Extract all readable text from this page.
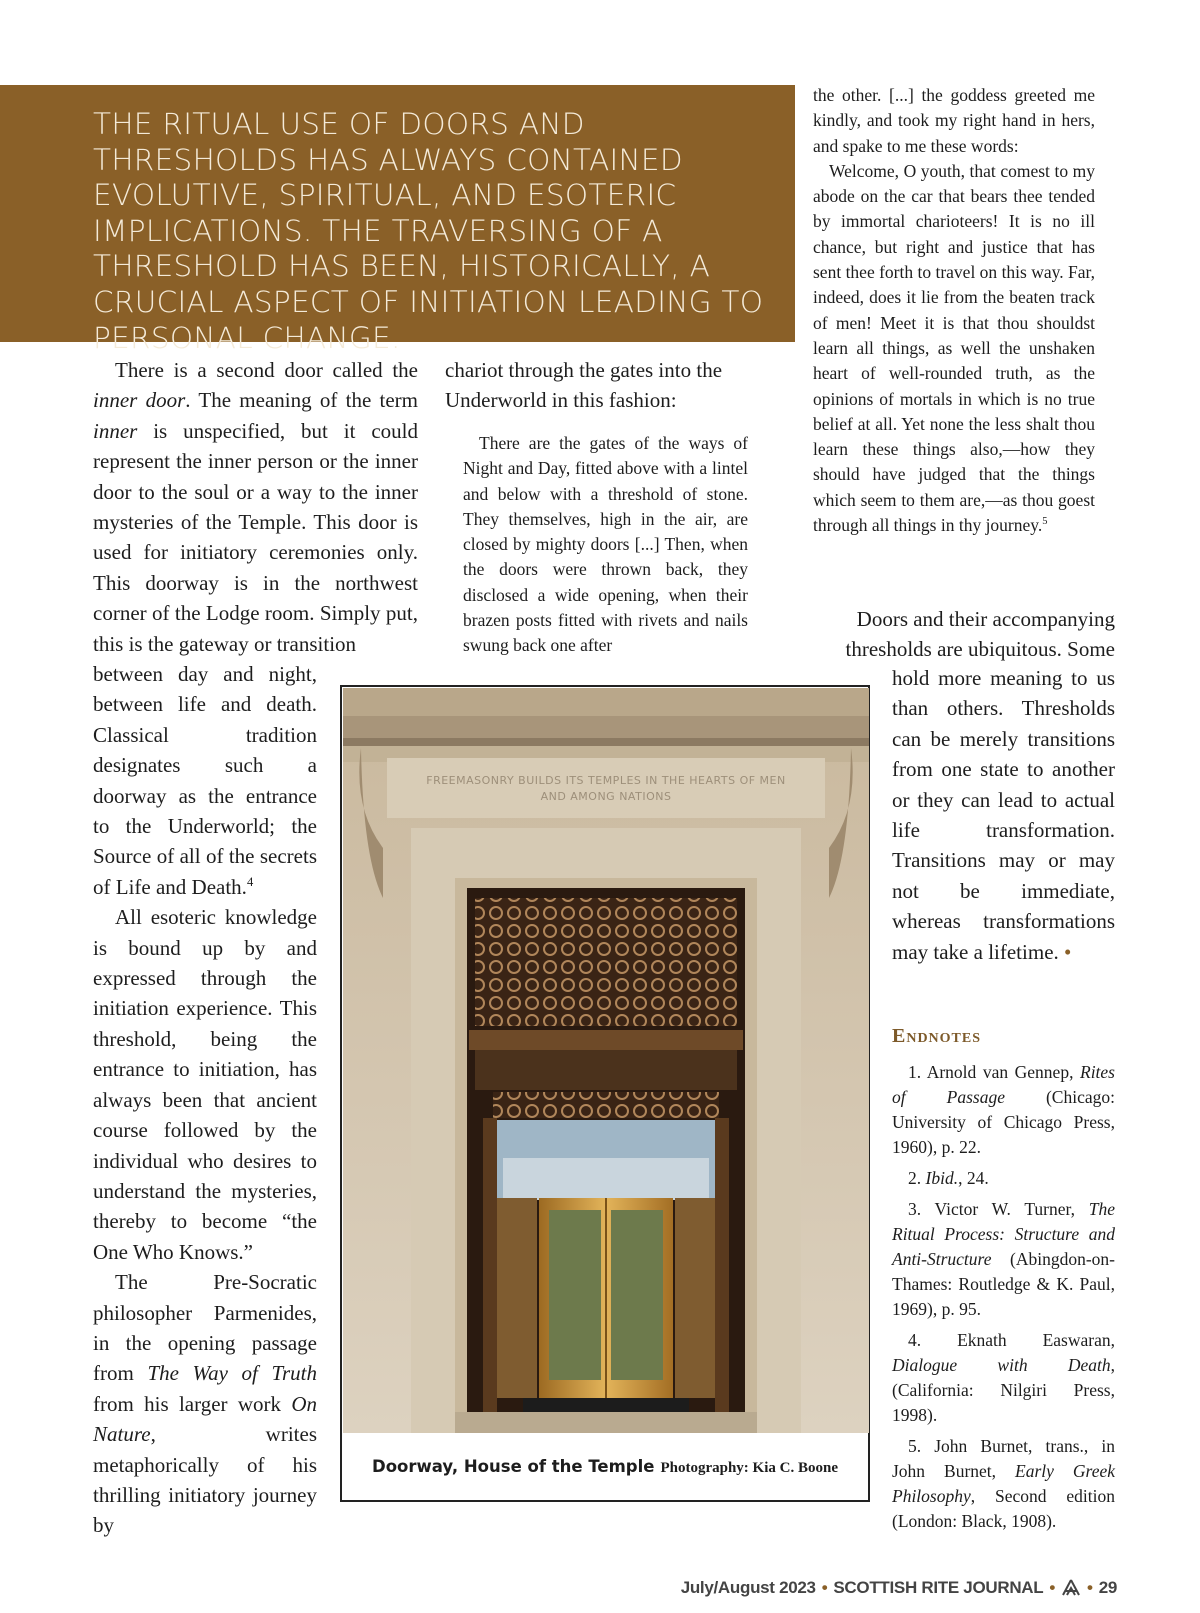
THE RITUAL USE OF DOORS AND THRESHOLDS HAS ALWAYS CONTAINED EVOLUTIVE, SPIRITUAL, AND ESOTERIC IMPLICATIONS. THE TRAVERSING OF A THRESHOLD HAS BEEN, HISTORICALLY, A CRUCIAL ASPECT OF INITIATION LEADING TO PERSONAL CHANGE.

There is a second door called the inner door. The meaning of the term inner is unspecified, but it could represent the inner person or the inner door to the soul or a way to the inner mysteries of the Temple. This door is used for initiatory ceremonies only. This doorway is in the northwest corner of the Lodge room. Simply put, this is the gateway or transition

between day and night, between life and death. Classical tradition designates such a doorway as the entrance to the Underworld; the Source of all of the secrets of Life and Death.$^4$

All esoteric knowledge is bound up by and expressed through the initiation experience. This threshold, being the entrance to initiation, has always been that ancient course followed by the individual who desires to understand the mysteries, thereby to become “the One Who Knows.”

The Pre-Socratic philosopher Parmenides, in the opening passage from The Way of Truth from his larger work On Nature, writes metaphorically of his thrilling initiatory journey by

chariot through the gates into the Underworld in this fashion:

There are the gates of the ways of Night and Day, fitted above with a lintel and below with a threshold of stone. They themselves, high in the air, are closed by mighty doors [...] Then, when the doors were thrown back, they disclosed a wide opening, when their brazen posts fitted with rivets and nails swung back one after

the other. [...] the goddess greeted me kindly, and took my right hand in hers, and spake to me these words:

Welcome, O youth, that comest to my abode on the car that bears thee tended by immortal charioteers! It is no ill chance, but right and justice that has sent thee forth to travel on this way. Far, indeed, does it lie from the beaten track of men! Meet it is that thou shouldst learn all things, as well the unshaken heart of well-rounded truth, as the opinions of mortals in which is no true belief at all. Yet none the less shalt thou learn these things also,—how they should have judged that the things which seem to them are,—as thou goest through all things in thy journey.$^5$

Doors and their accompanying thresholds are ubiquitous. Some

hold more meaning to us than others. Thresholds can be merely transitions from one state to another or they can lead to actual life transformation. Transitions may or may not be immediate, whereas transformations may take a lifetime. •

FREEMASONRY BUILDS ITS TEMPLES IN THE HEARTS OF MEN
AND AMONG NATIONS
Doorway, House of the Temple Photography: Kia C. Boone
Endnotes

1. Arnold van Gennep, Rites of Passage (Chicago: University of Chicago Press, 1960), p. 22.

2. Ibid., 24.

3. Victor W. Turner, The Ritual Process: Structure and Anti-Structure (Abingdon-on-Thames: Routledge & K. Paul, 1969), p. 95.

4. Eknath Easwaran, Dialogue with Death, (California: Nilgiri Press, 1998).

5. John Burnet, trans., in John Burnet, Early Greek Philosophy, Second edition (London: Black, 1908).

July/August 2023 • SCOTTISH RITE JOURNAL • • 29
